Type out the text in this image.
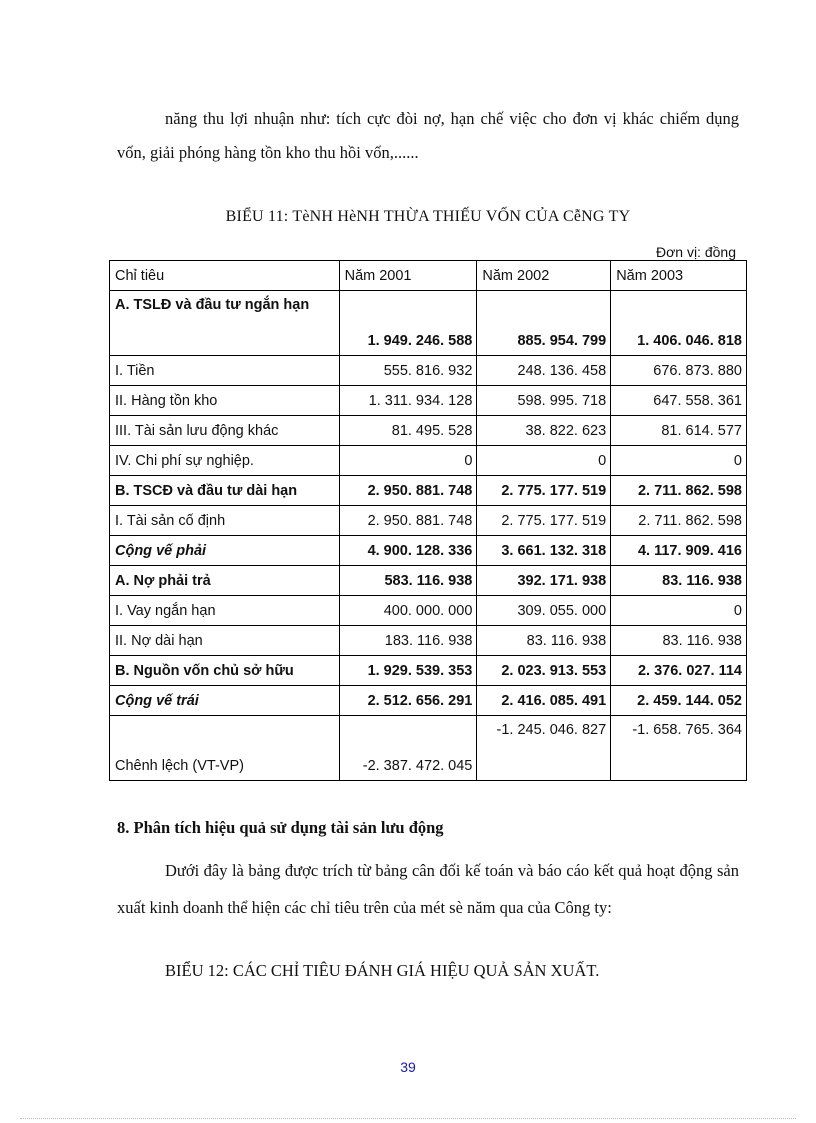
năng thu lợi nhuận như: tích cực đòi nợ, hạn chế việc cho đơn vị khác chiếm dụng vốn, giải phóng hàng tồn kho thu hồi vốn,......
BIỂU 11: TèNH HèNH THỪA THIẾU VỐN CỦA CễNG TY
Đơn vị: đồng
Chỉ tiêu	Năm 2001	Năm 2002	Năm 2003
A. TSLĐ và đầu tư ngắn hạn	1. 949. 246. 588	885. 954. 799	1. 406. 046. 818
I. Tiền	555. 816. 932	248. 136. 458	676. 873. 880
II. Hàng tồn kho	1. 311. 934. 128	598. 995. 718	647. 558. 361
III. Tài sản lưu động khác	81. 495. 528	38. 822. 623	81. 614. 577
IV. Chi phí sự nghiệp.	0	0	0
B. TSCĐ và đầu tư dài hạn	2. 950. 881. 748	2. 775. 177. 519	2. 711. 862. 598
I. Tài sản cố định	2. 950. 881. 748	2. 775. 177. 519	2. 711. 862. 598
Cộng vế phải	4. 900. 128. 336	3. 661. 132. 318	4. 117. 909. 416
A. Nợ phải trả	583. 116. 938	392. 171. 938	83. 116. 938
I. Vay ngắn hạn	400. 000. 000	309. 055. 000	0
II. Nợ dài hạn	183. 116. 938	83. 116. 938	83. 116. 938
B. Nguồn vốn chủ sở hữu	1. 929. 539. 353	2. 023. 913. 553	2. 376. 027. 114
Cộng vế trái	2. 512. 656. 291	2. 416. 085. 491	2. 459. 144. 052
Chênh lệch (VT-VP)	-2. 387. 472. 045	-1. 245. 046. 827	-1. 658. 765. 364
8. Phân tích hiệu quả sử dụng tài sản lưu động
Dưới đây là bảng được trích từ bảng cân đối kế toán và báo cáo kết quả hoạt động sản xuất kinh doanh thể hiện các chỉ tiêu trên của mét sè năm qua của Công ty:
BIỂU 12: CÁC CHỈ TIÊU ĐÁNH GIÁ HIỆU QUẢ SẢN XUẤT.
39
